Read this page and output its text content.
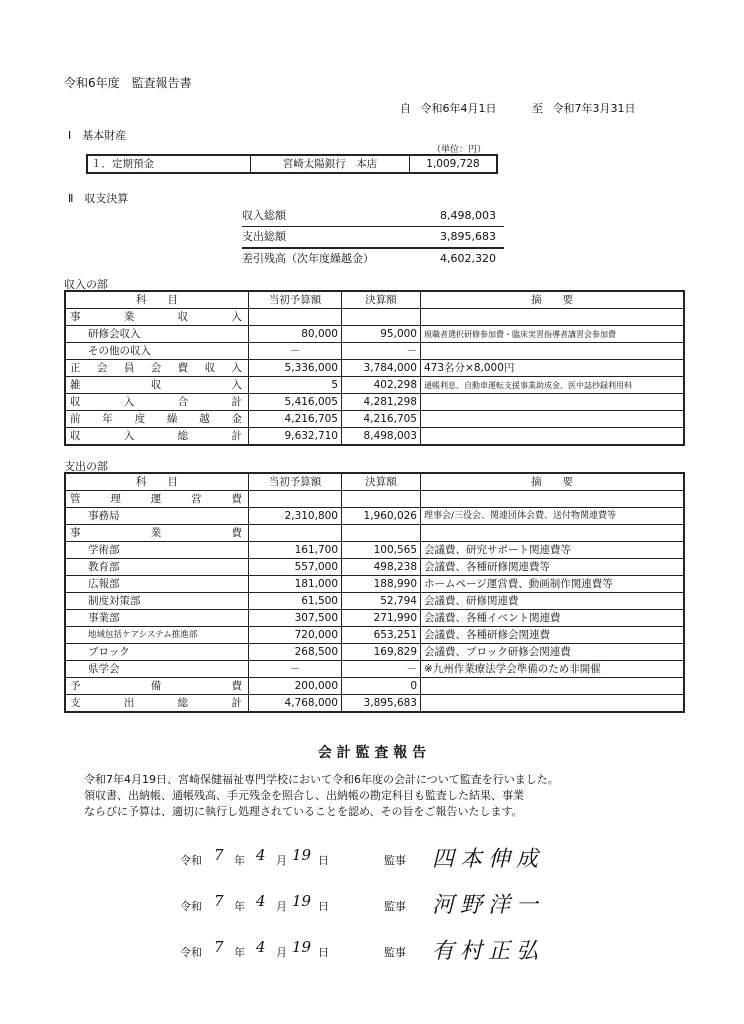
令和6年度　監査報告書
自 令和6年4月1日	至 令和7年3月31日
Ⅰ　基本財産
（単位：円）
１．定期預金	宮崎太陽銀行　本店	1,009,728
Ⅱ　収支決算
収入総額	8,498,003
支出総額	3,895,683
差引残高（次年度繰越金）	4,602,320
収入の部
科　　目	当初予算額	決算額	摘　　要
事業収入			
研修会収入	80,000	95,000	現職者選択研修参加費・臨床実習指導者講習会参加費
その他の収入	－	－	
正会員会費収入	5,336,000	3,784,000	473名分×8,000円
雑収入	5	402,298	通帳利息、自動車運転支援事業助成金、医中誌抄録利用料
収入合計	5,416,005	4,281,298	
前年度繰越金	4,216,705	4,216,705	
収入総計	9,632,710	8,498,003	
支出の部
科　　目	当初予算額	決算額	摘　　要
管理運営費			
事務局	2,310,800	1,960,026	理事会/三役会、関連団体会費、送付物関連費等
事業費			
学術部	161,700	100,565	会議費、研究サポート関連費等
教育部	557,000	498,238	会議費、各種研修関連費等
広報部	181,000	188,990	ホームページ運営費、動画制作関連費等
制度対策部	61,500	52,794	会議費、研修関連費
事業部	307,500	271,990	会議費、各種イベント関連費
地域包括ケアシステム推進部	720,000	653,251	会議費、各種研修会関連費
ブロック	268,500	169,829	会議費、ブロック研修会関連費
県学会	－	－	※九州作業療法学会準備のため非開催
予備費	200,000	0	
支出総計	4,768,000	3,895,683	
会 計 監 査 報 告
令和7年4月19日、宮崎保健福祉専門学校において令和6年度の会計について監査を行いました。
領収書、出納帳、通帳残高、手元残金を照合し、出納帳の勘定科目も監査した結果、事業
ならびに予算は、適切に執行し処理されていることを認め、その旨をご報告いたします。
令和 7 年 4 月 19 日	監事 四本伸成
令和 7 年 4 月 19 日	監事 河野洋一
令和 7 年 4 月 19 日	監事 有村正弘
